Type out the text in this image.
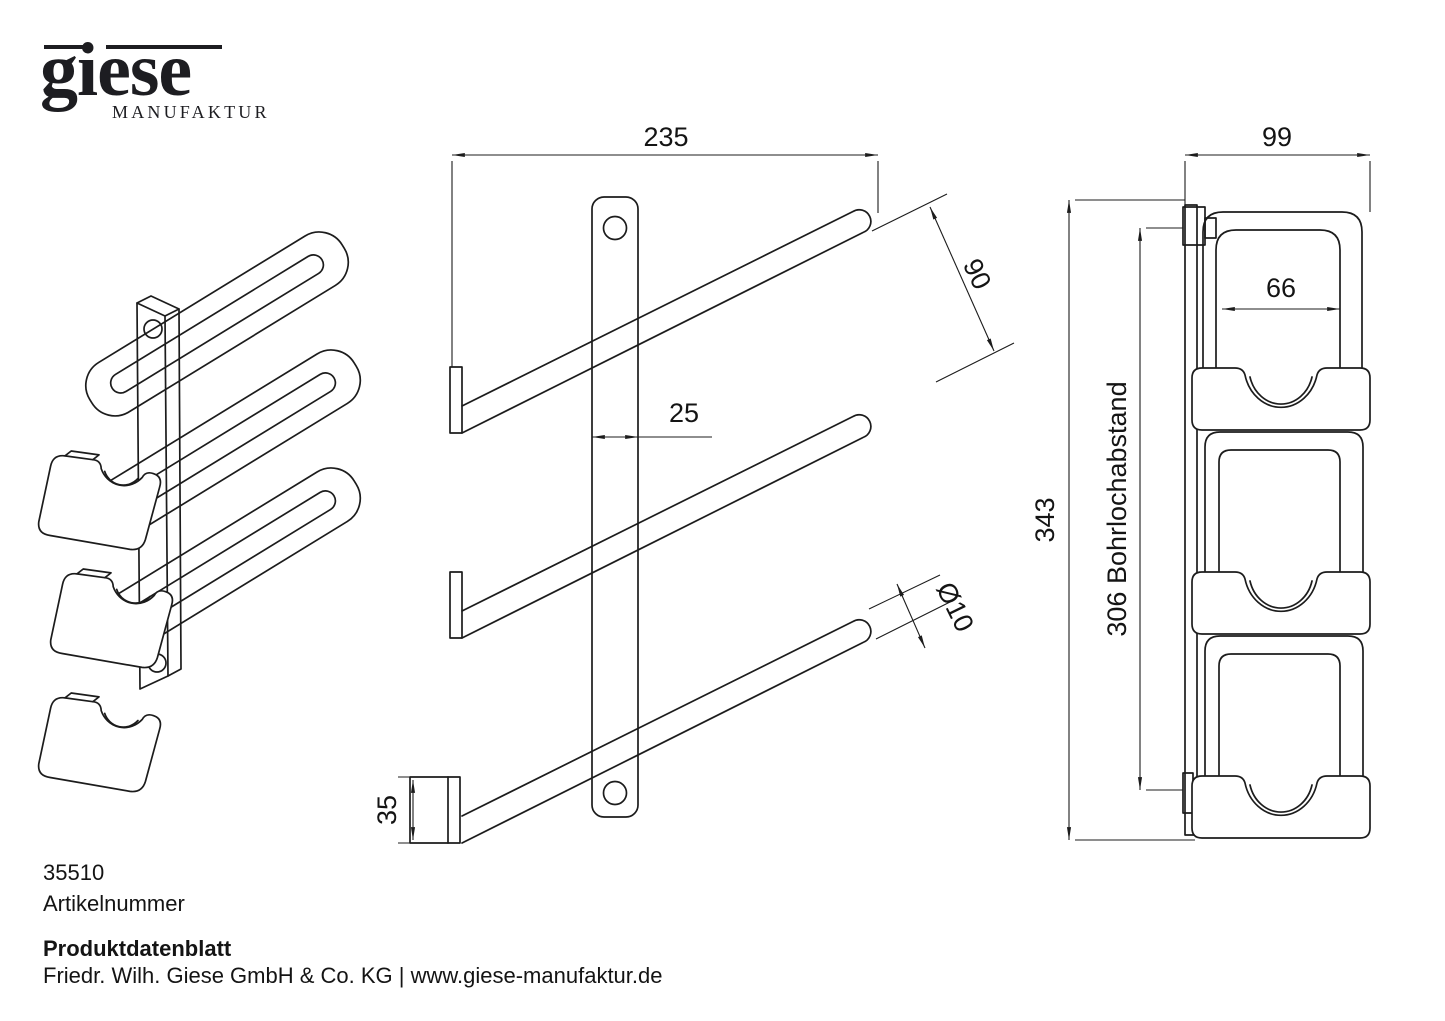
giese
MANUFAKTUR
235
25
90
Ø10
35
99
66
343 306 Bohrlochabstand
35510
Artikelnummer
Produktdatenblatt
Friedr. Wilh. Giese GmbH & Co. KG | www.giese-manufaktur.de
